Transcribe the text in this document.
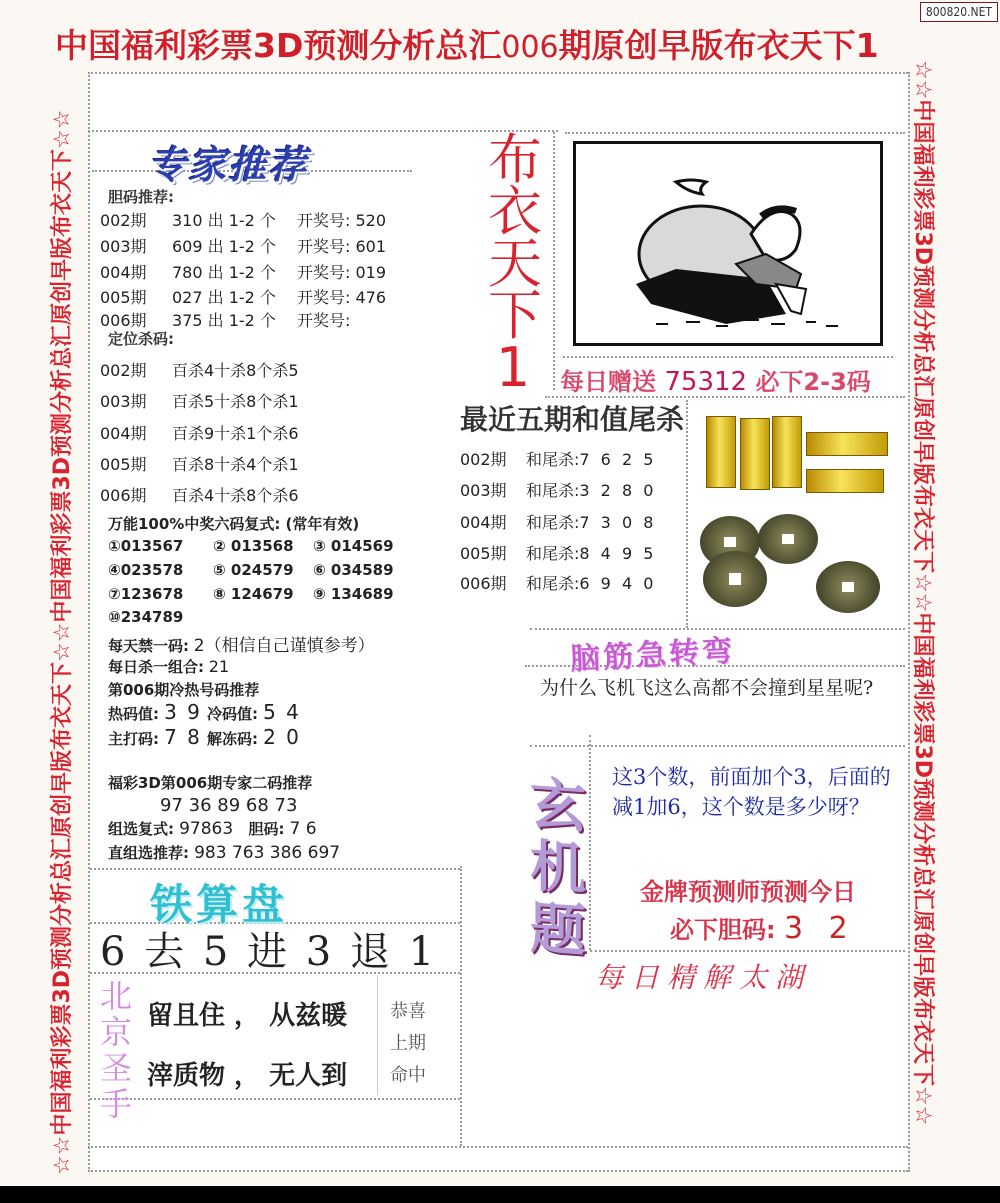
800820.NET
中国福利彩票3D预测分析总汇006期原创早版布衣天下1
☆☆中国福利彩票3D预测分析总汇原创早版布衣天下☆☆中国福利彩票3D预测分析总汇原创早版布衣天下☆☆	☆☆中国福利彩票3D预测分析总汇原创早版布衣天下☆☆中国福利彩票3D预测分析总汇原创早版布衣天下☆☆
专家推荐
胆码推荐:
002期 310 出 1-2 个 开奖号: 520
003期 609 出 1-2 个 开奖号: 601
004期 780 出 1-2 个 开奖号: 019
005期 027 出 1-2 个 开奖号: 476
006期 375 出 1-2 个 开奖号:
定位杀码:
002期 百杀4十杀8个杀5
003期 百杀5十杀8个杀1
004期 百杀9十杀1个杀6
005期 百杀8十杀4个杀1
006期 百杀4十杀8个杀6
万能100%中奖六码复式: (常年有效)
①013567 ② 013568 ③ 014569
④023578 ⑤ 024579 ⑥ 034589
⑦123678 ⑧ 124679 ⑨ 134689
⑩234789
每天禁一码: 2（相信自己谨慎参考）
每日杀一组合: 21
第006期冷热号码推荐
热码值: 3 9 冷码值: 5 4
主打码: 7 8 解冻码: 2 0
福彩3D第006期专家二码推荐
97 36 89 68 73
组选复式: 97863 胆码: 7 6
直组选推荐: 983 763 386 697
布
衣
天
下
1	每日赠送 75312 必下2-3码
最近五期和值尾杀
002期 和尾杀:7 6 2 5
003期 和尾杀:3 2 8 0
004期 和尾杀:7 3 0 8
005期 和尾杀:8 4 9 5
006期 和尾杀:6 9 4 0
脑筋急转弯
为什么飞机飞这么高都不会撞到星星呢?
玄
机
题
这3个数，前面加个3，后面的减1加6，这个数是多少呀？
金牌预测师预测今日
必下胆码: 3 2
每日精解太湖
铁算盘
6 去 5 进 3 退 1
北
京
圣
手
留且住 ， 从兹暖
滓质物 ， 无人到
恭喜
上期
命中
